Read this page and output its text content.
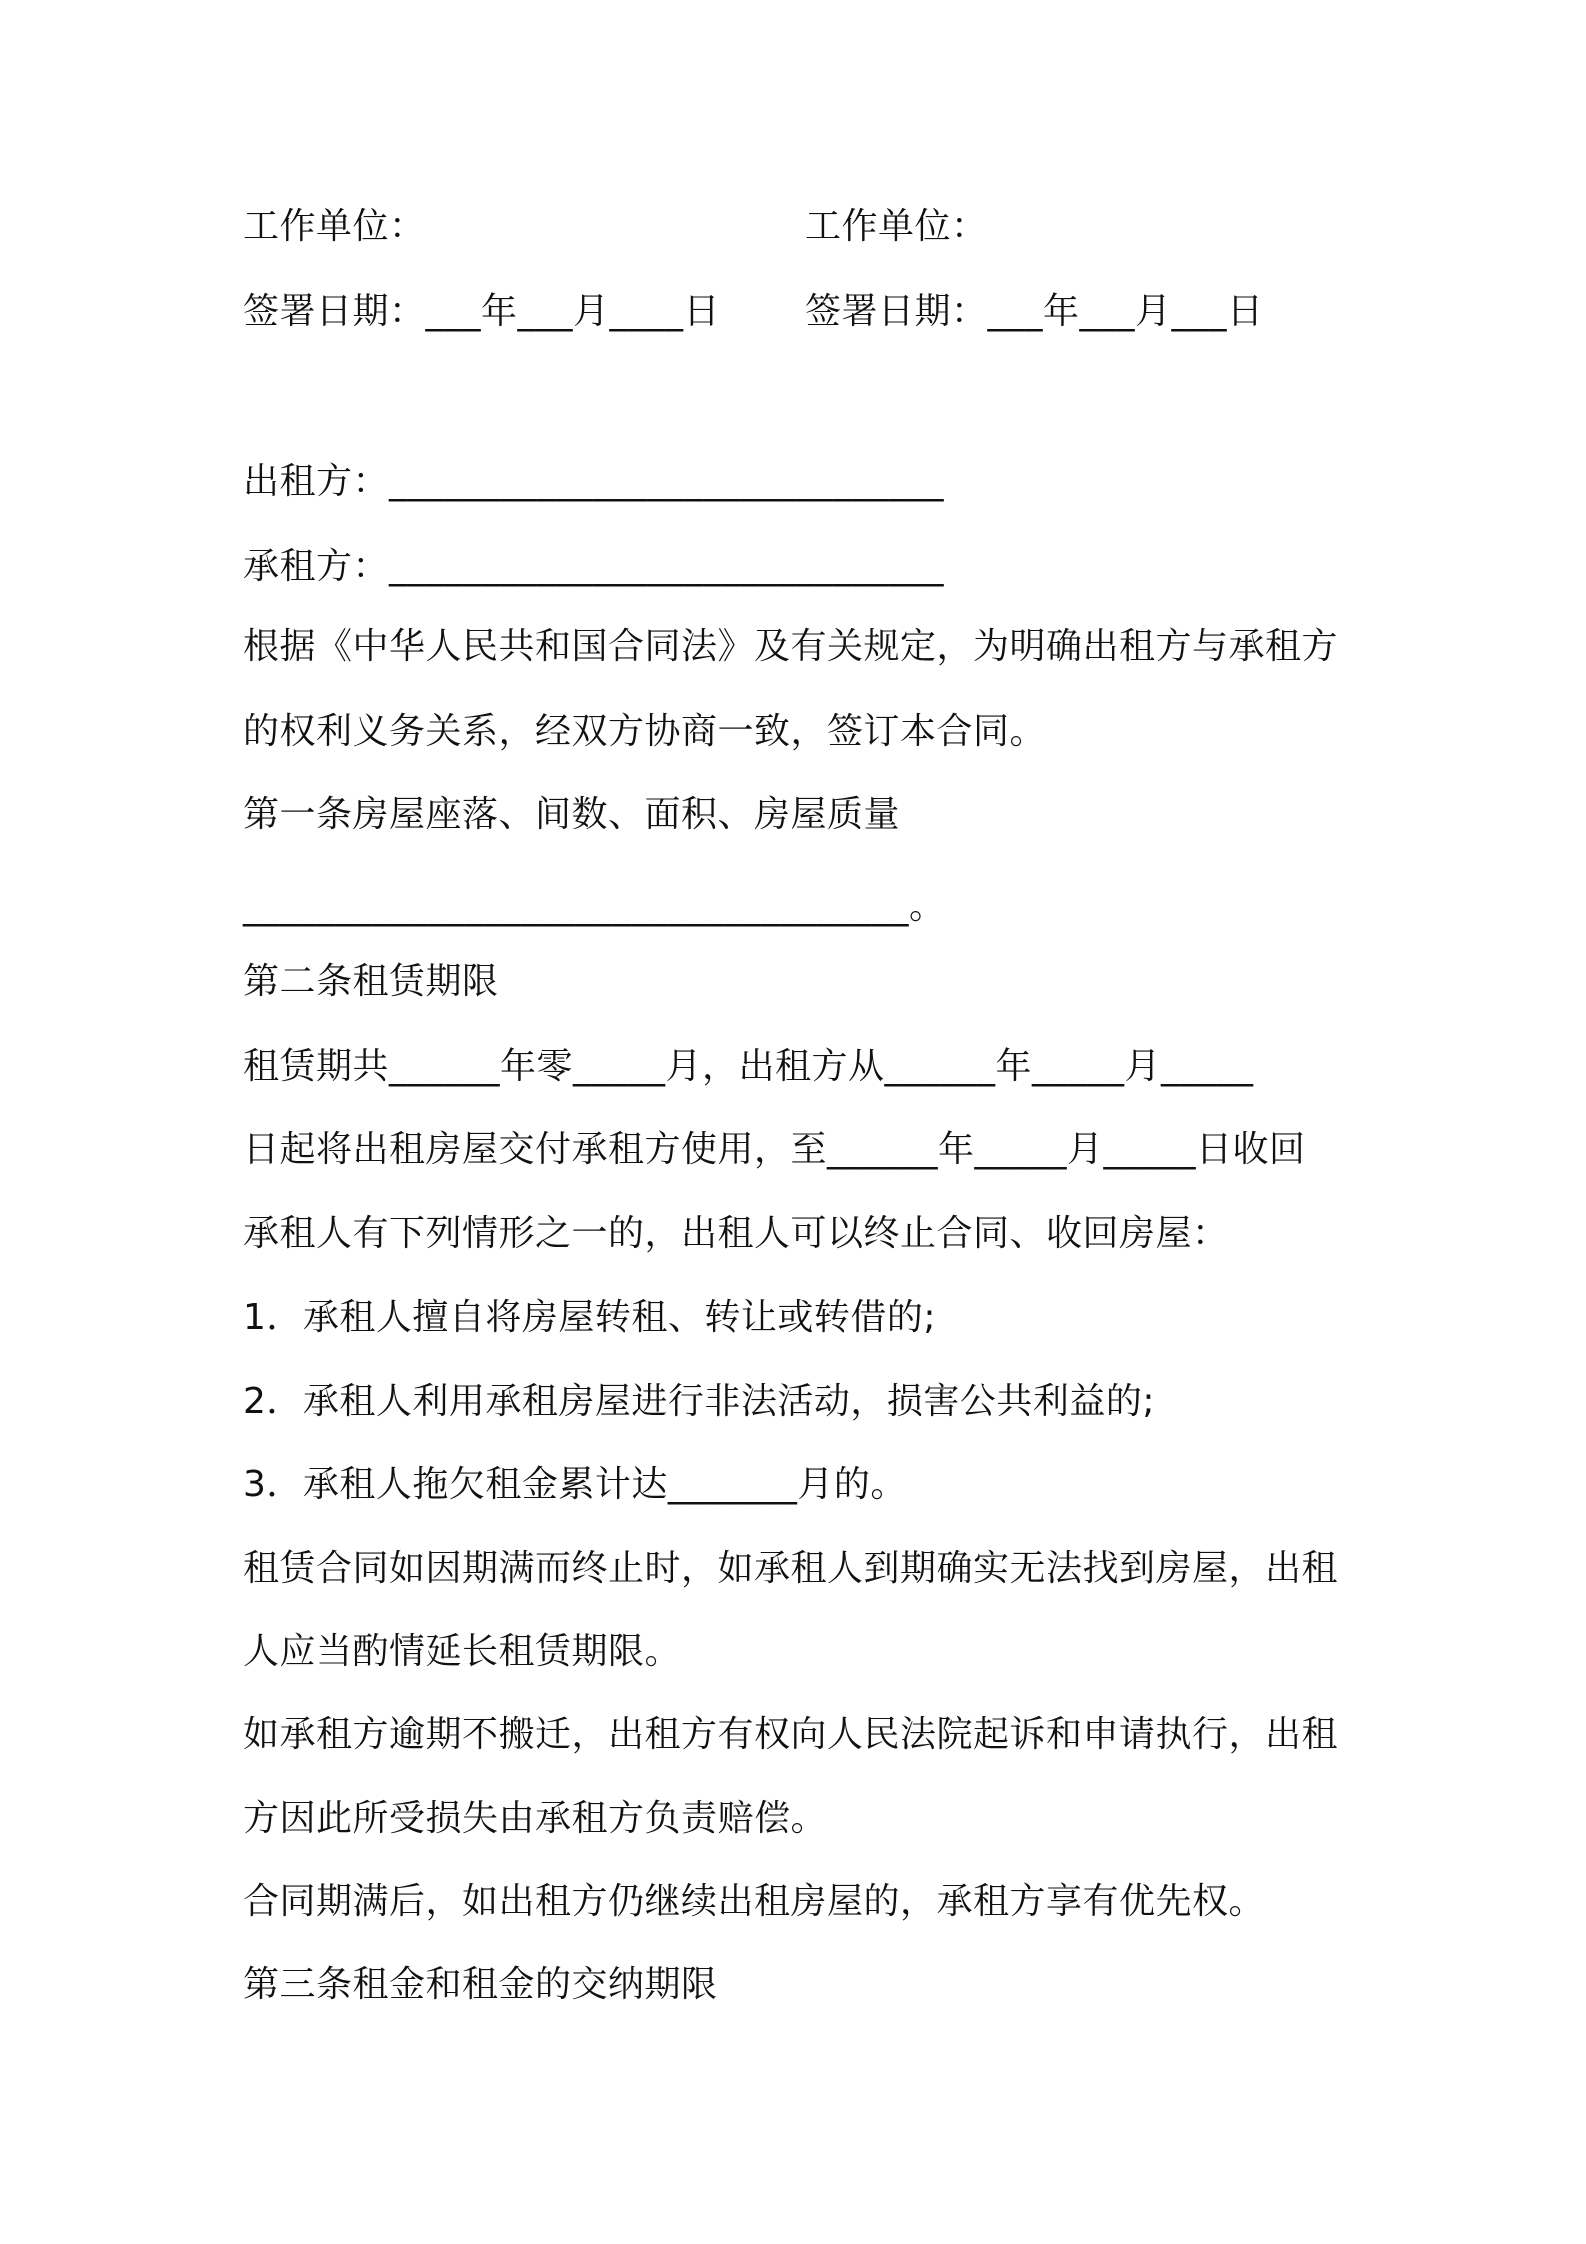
工作单位：	工作单位：
签署日期：___年___月____日 签署日期：___年___月___日
出租方：______________________________
承租方：______________________________
根据《中华人民共和国合同法》及有关规定，为明确出租方与承租方
的权利义务关系，经双方协商一致，签订本合同。
第一条房屋座落、间数、面积、房屋质量
____________________________________。
第二条租赁期限
租赁期共______年零_____月，出租方从______年_____月_____
日起将出租房屋交付承租方使用，至______年_____月_____日收回
承租人有下列情形之一的，出租人可以终止合同、收回房屋：
1．承租人擅自将房屋转租、转让或转借的;
2．承租人利用承租房屋进行非法活动，损害公共利益的;
3．承租人拖欠租金累计达_______月的。
租赁合同如因期满而终止时，如承租人到期确实无法找到房屋，出租
人应当酌情延长租赁期限。
如承租方逾期不搬迁，出租方有权向人民法院起诉和申请执行，出租
方因此所受损失由承租方负责赔偿。
合同期满后，如出租方仍继续出租房屋的，承租方享有优先权。
第三条租金和租金的交纳期限
